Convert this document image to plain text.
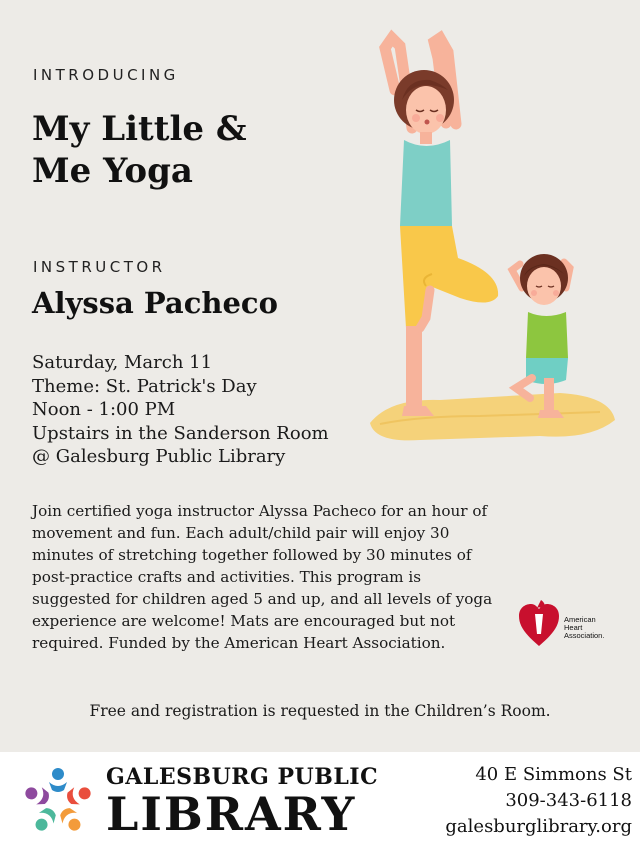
INTRODUCING
My Little &
Me Yoga
INSTRUCTOR
Alyssa Pacheco
Saturday, March 11
Theme: St. Patrick's Day
Noon - 1:00 PM
Upstairs in the Sanderson Room
@ Galesburg Public Library
Join certified yoga instructor Alyssa Pacheco for an hour of movement and fun. Each adult/child pair will enjoy 30 minutes of stretching together followed by 30 minutes of post-practice crafts and activities. This program is suggested for children aged 5 and up, and all levels of yoga experience are welcome! Mats are encouraged but not required. Funded by the American Heart Association.
American
Heart
Association.
Free and registration is requested in the Children’s Room.
GALESBURG PUBLIC
LIBRARY
40 E Simmons St
309-343-6118
galesburglibrary.org
